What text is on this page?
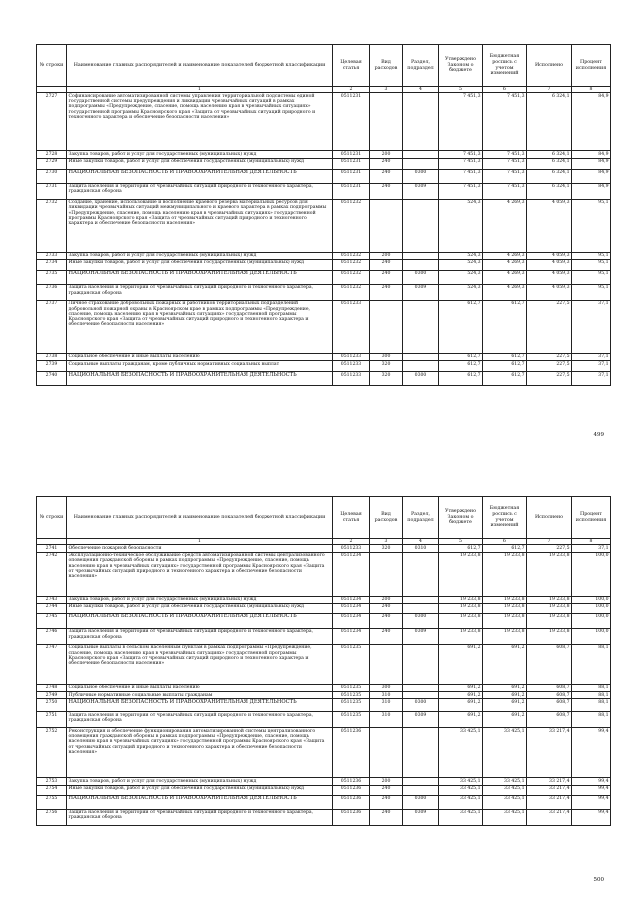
№ строки	Наименование главных распорядителей и наименование показателей бюджетной классификации	Целевая статья	Вид расходов	Раздел, подраздел	Утверждено Законом о бюджете	Бюджетная роспись с учетом изменений	Исполнено	Процент исполнения
	1	2	3	4	5	6	7	8
2727	Софинансирование автоматизированной системы управления территориальной подсистемы единой государственной системы предупреждения и ликвидации чрезвычайных ситуаций в рамках подпрограммы «Предупреждение, спасение, помощь населению края в чрезвычайных ситуациях» государственной программы Красноярского края «Защита от чрезвычайных ситуаций природного и техногенного характера и обеспечение безопасности населения»	0511231			7 451,3	7 451,3	6 324,1	84,9
2728	Закупка товаров, работ и услуг для государственных (муниципальных) нужд	0511231	200		7 451,3	7 451,3	6 324,1	84,9
2729	Иные закупки товаров, работ и услуг для обеспечения государственных (муниципальных) нужд	0511231	240		7 451,3	7 451,3	6 324,1	84,9
2730	НАЦИОНАЛЬНАЯ БЕЗОПАСНОСТЬ И ПРАВООХРАНИТЕЛЬНАЯ ДЕЯТЕЛЬНОСТЬ	0511231	240	0300	7 451,3	7 451,3	6 324,1	84,9
2731	Защита населения и территории от чрезвычайных ситуаций природного и техногенного характера, гражданская оборона	0511231	240	0309	7 451,3	7 451,3	6 324,1	84,9
2732	Создание, хранение, использование и восполнение краевого резерва материальных ресурсов для ликвидации чрезвычайных ситуаций межмуниципального и краевого характера в рамках подпрограммы «Предупреждение, спасение, помощь населению края в чрезвычайных ситуациях» государственной программы Красноярского края «Защита от чрезвычайных ситуаций природного и техногенного характера и обеспечение безопасности населения»	0511232			524,3	4 269,3	4 059,3	95,1
2733	Закупка товаров, работ и услуг для государственных (муниципальных) нужд	0511232	200		524,3	4 269,3	4 059,3	95,1
2734	Иные закупки товаров, работ и услуг для обеспечения государственных (муниципальных) нужд	0511232	240		524,3	4 269,3	4 059,3	95,1
2735	НАЦИОНАЛЬНАЯ БЕЗОПАСНОСТЬ И ПРАВООХРАНИТЕЛЬНАЯ ДЕЯТЕЛЬНОСТЬ	0511232	240	0300	524,3	4 269,3	4 059,3	95,1
2736	Защита населения и территории от чрезвычайных ситуаций природного и техногенного характера, гражданская оборона	0511232	240	0309	524,3	4 269,3	4 059,3	95,1
2737	Личное страхование добровольных пожарных и работников территориальных подразделений добровольной пожарной охраны в Красноярском крае в рамках подпрограммы «Предупреждение, спасение, помощь населению края в чрезвычайных ситуациях» государственной программы Красноярского края «Защита от чрезвычайных ситуаций природного и техногенного характера и обеспечение безопасности населения»	0511233			612,7	612,7	227,5	37,1
2738	Социальное обеспечение и иные выплаты населению	0511233	300		612,7	612,7	227,5	37,1
2739	Социальные выплаты гражданам, кроме публичных нормативных социальных выплат	0511233	320		612,7	612,7	227,5	37,1
2740	НАЦИОНАЛЬНАЯ БЕЗОПАСНОСТЬ И ПРАВООХРАНИТЕЛЬНАЯ ДЕЯТЕЛЬНОСТЬ	0511233	320	0300	612,7	612,7	227,5	37,1
499
№ строки	Наименование главных распорядителей и наименование показателей бюджетной классификации	Целевая статья	Вид расходов	Раздел, подраздел	Утверждено Законом о бюджете	Бюджетная роспись с учетом изменений	Исполнено	Процент исполнения
	1	2	3	4	5	6	7	8
2741	Обеспечение пожарной безопасности	0511233	320	0310	612,7	612,7	227,5	37,1
2742	Эксплуатационно-техническое обслуживание средств автоматизированной системы централизованного оповещения гражданской обороны в рамках подпрограммы «Предупреждение, спасение, помощь населению края в чрезвычайных ситуациях» государственной программы Красноярского края «Защита от чрезвычайных ситуаций природного и техногенного характера и обеспечение безопасности населения»	0511234			19 233,8	19 233,8	19 233,8	100,0
2743	Закупка товаров, работ и услуг для государственных (муниципальных) нужд	0511234	200		19 233,8	19 233,8	19 233,8	100,0
2744	Иные закупки товаров, работ и услуг для обеспечения государственных (муниципальных) нужд	0511234	240		19 233,8	19 233,8	19 233,8	100,0
2745	НАЦИОНАЛЬНАЯ БЕЗОПАСНОСТЬ И ПРАВООХРАНИТЕЛЬНАЯ ДЕЯТЕЛЬНОСТЬ	0511234	240	0300	19 233,8	19 233,8	19 233,8	100,0
2746	Защита населения и территории от чрезвычайных ситуаций природного и техногенного характера, гражданская оборона	0511234	240	0309	19 233,8	19 233,8	19 233,8	100,0
2747	Социальные выплаты в сельском населенным пунктам в рамках подпрограммы «Предупреждение, спасение, помощь населению края в чрезвычайных ситуациях» государственной программы Красноярского края «Защита от чрезвычайных ситуаций природного и техногенного характера и обеспечение безопасности населения»	0511235			691,2	691,2	608,7	88,1
2748	Социальное обеспечение и иные выплаты населению	0511235	300		691,2	691,2	608,7	88,1
2749	Публичные нормативные социальные выплаты гражданам	0511235	310		691,2	691,2	608,7	88,1
2750	НАЦИОНАЛЬНАЯ БЕЗОПАСНОСТЬ И ПРАВООХРАНИТЕЛЬНАЯ ДЕЯТЕЛЬНОСТЬ	0511235	310	0300	691,2	691,2	608,7	88,1
2751	Защита населения и территории от чрезвычайных ситуаций природного и техногенного характера, гражданская оборона	0511235	310	0309	691,2	691,2	608,7	88,1
2752	Реконструкция и обеспечение функционирования автоматизированной системы централизованного оповещения гражданской обороны в рамках подпрограммы «Предупреждение, спасение, помощь населению края в чрезвычайных ситуациях» государственной программы Красноярского края «Защита от чрезвычайных ситуаций природного и техногенного характера и обеспечение безопасности населения»	0511236			33 425,1	33 425,1	33 217,4	99,4
2753	Закупка товаров, работ и услуг для государственных (муниципальных) нужд	0511236	200		33 425,1	33 425,1	33 217,4	99,4
2754	Иные закупки товаров, работ и услуг для обеспечения государственных (муниципальных) нужд	0511236	240		33 425,1	33 425,1	33 217,4	99,4
2755	НАЦИОНАЛЬНАЯ БЕЗОПАСНОСТЬ И ПРАВООХРАНИТЕЛЬНАЯ ДЕЯТЕЛЬНОСТЬ	0511236	240	0300	33 425,1	33 425,1	33 217,4	99,4
2756	Защита населения и территории от чрезвычайных ситуаций природного и техногенного характера, гражданская оборона	0511236	240	0309	33 425,1	33 425,1	33 217,4	99,4
500
